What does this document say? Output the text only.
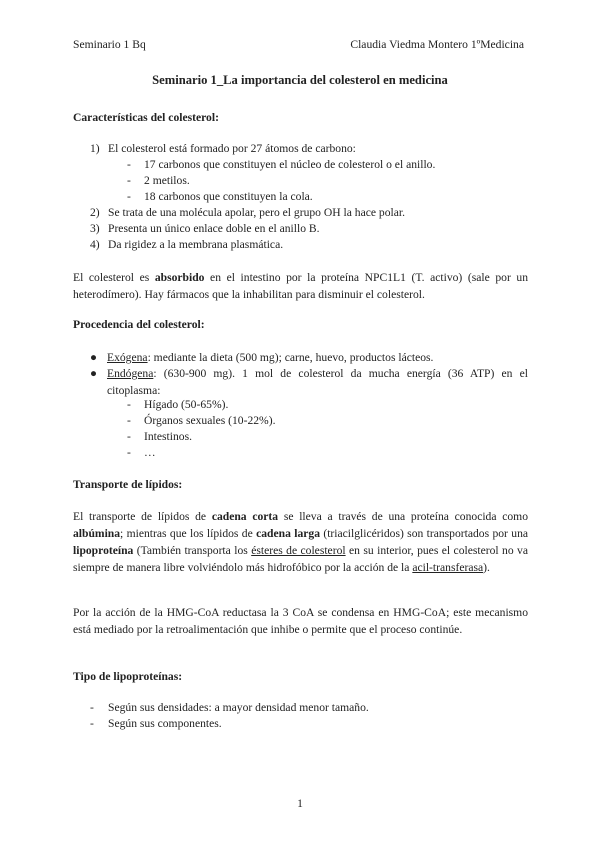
Seminario 1 Bq	Claudia Viedma Montero 1ºMedicina
Seminario 1_La importancia del colesterol en medicina
Características del colesterol:
1) El colesterol está formado por 27 átomos de carbono:
- 17 carbonos que constituyen el núcleo de colesterol o el anillo.
- 2 metilos.
- 18 carbonos que constituyen la cola.
2) Se trata de una molécula apolar, pero el grupo OH la hace polar.
3) Presenta un único enlace doble en el anillo B.
4) Da rigidez a la membrana plasmática.
El colesterol es absorbido en el intestino por la proteína NPC1L1 (T. activo) (sale por un heterodímero). Hay fármacos que la inhabilitan para disminuir el colesterol.
Procedencia del colesterol:
● Exógena: mediante la dieta (500 mg); carne, huevo, productos lácteos.
● Endógena: (630-900 mg). 1 mol de colesterol da mucha energía (36 ATP) en el citoplasma:
- Hígado (50-65%).
- Órganos sexuales (10-22%).
- Intestinos.
- …
Transporte de lípidos:
El transporte de lípidos de cadena corta se lleva a través de una proteína conocida como albúmina; mientras que los lípidos de cadena larga (triacilglicéridos) son transportados por una lipoproteína (También transporta los ésteres de colesterol en su interior, pues el colesterol no va siempre de manera libre volviéndolo más hidrofóbico por la acción de la acil-transferasa).
Por la acción de la HMG-CoA reductasa la 3 CoA se condensa en HMG-CoA; este mecanismo está mediado por la retroalimentación que inhibe o permite que el proceso continúe.
Tipo de lipoproteínas:
- Según sus densidades: a mayor densidad menor tamaño.
- Según sus componentes.
1
